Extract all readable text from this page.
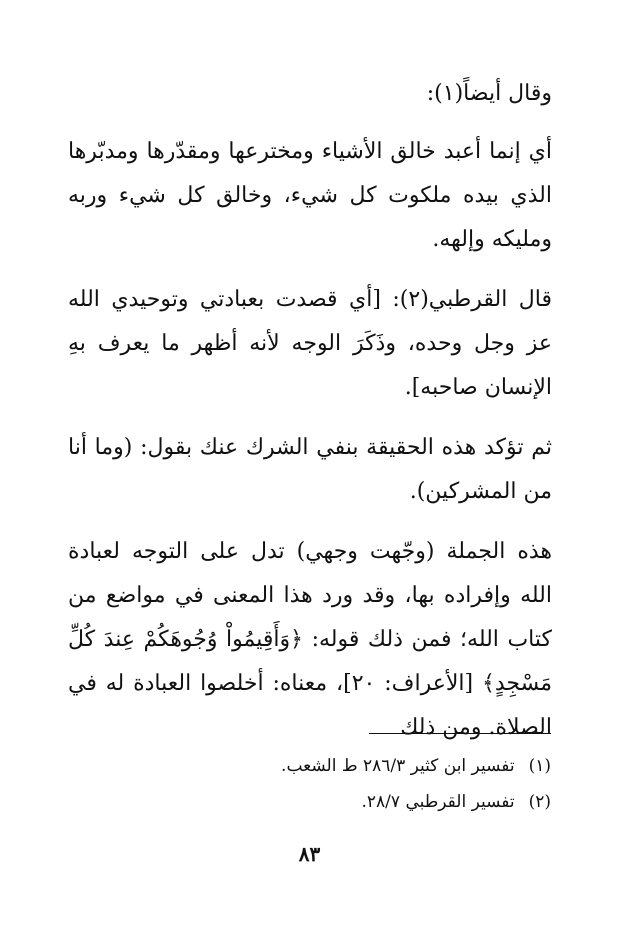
وقال أيضاً(١):

أي إنما أعبد خالق الأشياء ومخترعها ومقدّرها ومدبّرها الذي بيده ملكوت كل شيء، وخالق كل شيء وربه ومليكه وإلهه.

قال القرطبي(٢): [أي قصدت بعبادتي وتوحيدي الله عز وجل وحده، وذَكَرَ الوجه لأنه أظهر ما يعرف بهِ الإنسان صاحبه].

ثم تؤكد هذه الحقيقة بنفي الشرك عنك بقول: (وما أنا من المشركين).

هذه الجملة (وجّهت وجهي) تدل على التوجه لعبادة الله وإفراده بها، وقد ورد هذا المعنى في مواضع من كتاب الله؛ فمن ذلك قوله: ﴿وَأَقِيمُواْ وُجُوهَكُمْ عِندَ كُلِّ مَسْجِدٍ﴾ [الأعراف: ٢٠]، معناه: أخلصوا العبادة له في الصلاة. ومن ذلك

(١)تفسير ابن كثير ٢٨٦/٣ ط الشعب.
(٢)تفسير القرطبي ٢٨/٧.
٨٣
